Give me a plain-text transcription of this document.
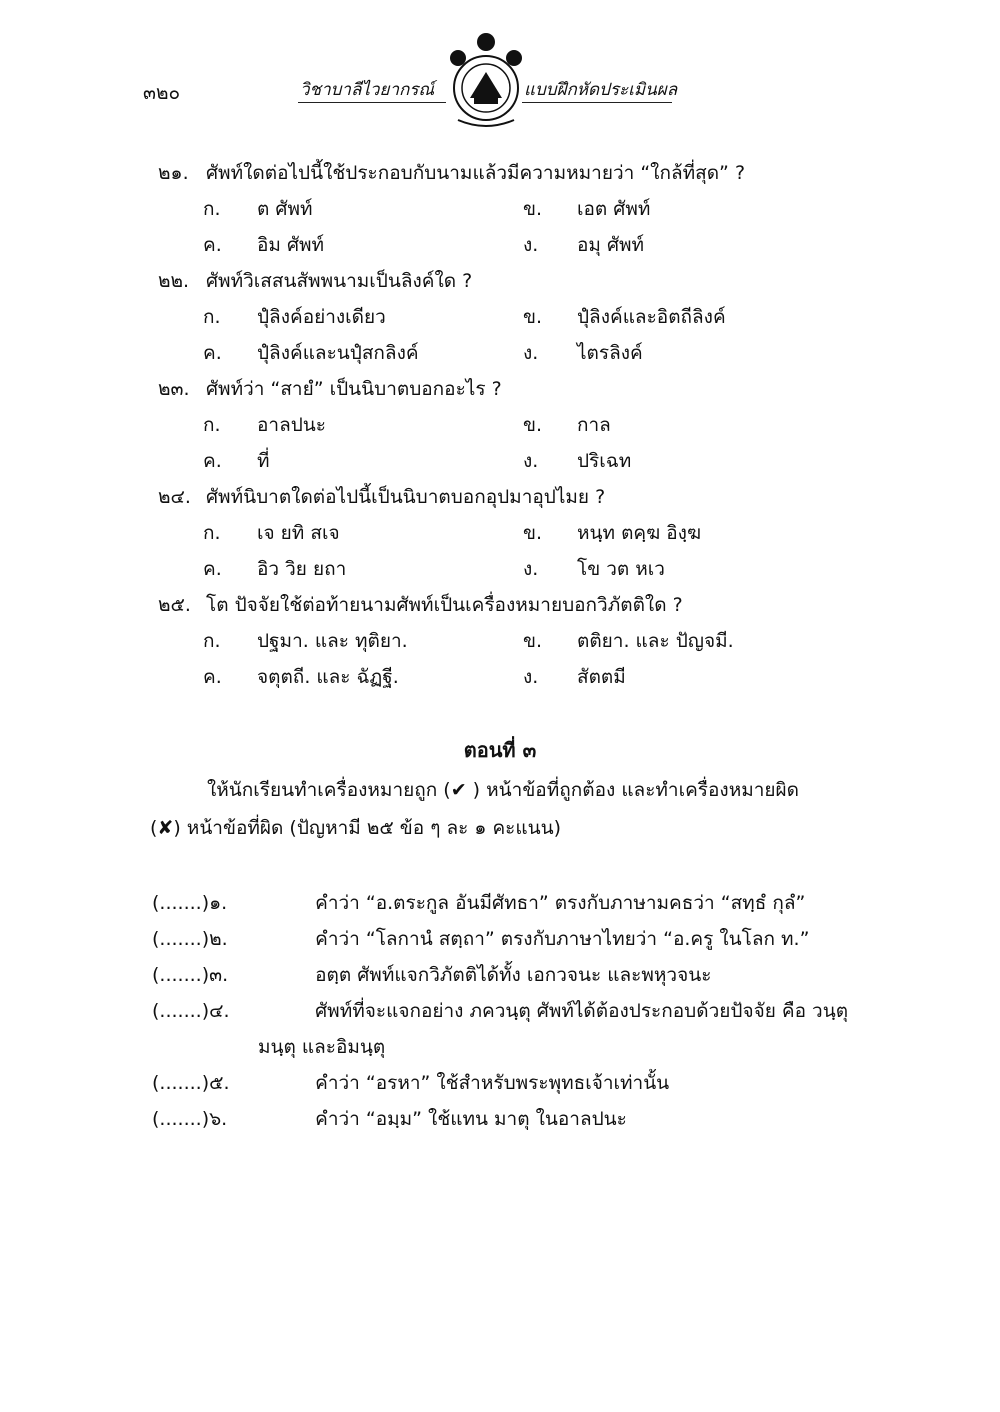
๓๒๐	วิชาบาลีไวยากรณ์	แบบฝึกหัดประเมินผล
๒๑. ศัพท์ใดต่อไปนี้ใช้ประกอบกับนามแล้วมีความหมายว่า “ใกล้ที่สุด” ?
ก. ต ศัพท์	ข. เอต ศัพท์
ค. อิม ศัพท์	ง. อมุ ศัพท์
๒๒. ศัพท์วิเสสนสัพพนามเป็นลิงค์ใด ?
ก. ปุํลิงค์อย่างเดียว	ข. ปุํลิงค์และอิตถีลิงค์
ค. ปุํลิงค์และนปุํสกลิงค์	ง. ไตรลิงค์
๒๓. ศัพท์ว่า “สายํ” เป็นนิบาตบอกอะไร ?
ก. อาลปนะ	ข. กาล
ค. ที่	ง. ปริเฉท
๒๔. ศัพท์นิบาตใดต่อไปนี้เป็นนิบาตบอกอุปมาอุปไมย ?
ก. เจ ยทิ สเจ	ข. หนฺท ตคฺฆ อิงฺฆ
ค. อิว วิย ยถา	ง. โข วต หเว
๒๕. โต ปัจจัยใช้ต่อท้ายนามศัพท์เป็นเครื่องหมายบอกวิภัตติใด ?
ก. ปฐมา. และ ทุติยา.	ข. ตติยา. และ ปัญจมี.
ค. จตุตถี. และ ฉัฏฐี.	ง. สัตตมี
ตอนที่ ๓
ให้นักเรียนทำเครื่องหมายถูก (✔ ) หน้าข้อที่ถูกต้อง และทำเครื่องหมายผิด
(✘) หน้าข้อที่ผิด (ปัญหามี ๒๕ ข้อ ๆ ละ ๑ คะแนน)
(.......)๑.	คำว่า “อ.ตระกูล อันมีศัทธา” ตรงกับภาษามคธว่า “สทฺธํ กุลํ”
(.......)๒.	คำว่า “โลกานํ สตฺถา” ตรงกับภาษาไทยว่า “อ.ครู ในโลก ท.”
(.......)๓.	อตฺต ศัพท์แจกวิภัตติได้ทั้ง เอกวจนะ และพหุวจนะ
(.......)๔.	ศัพท์ที่จะแจกอย่าง ภควนฺตุ ศัพท์ได้ต้องประกอบด้วยปัจจัย คือ วนฺตุ
มนฺตุ และอิมนฺตุ
(.......)๕.	คำว่า “อรหา” ใช้สำหรับพระพุทธเจ้าเท่านั้น
(.......)๖.	คำว่า “อมฺม” ใช้แทน มาตุ ในอาลปนะ
